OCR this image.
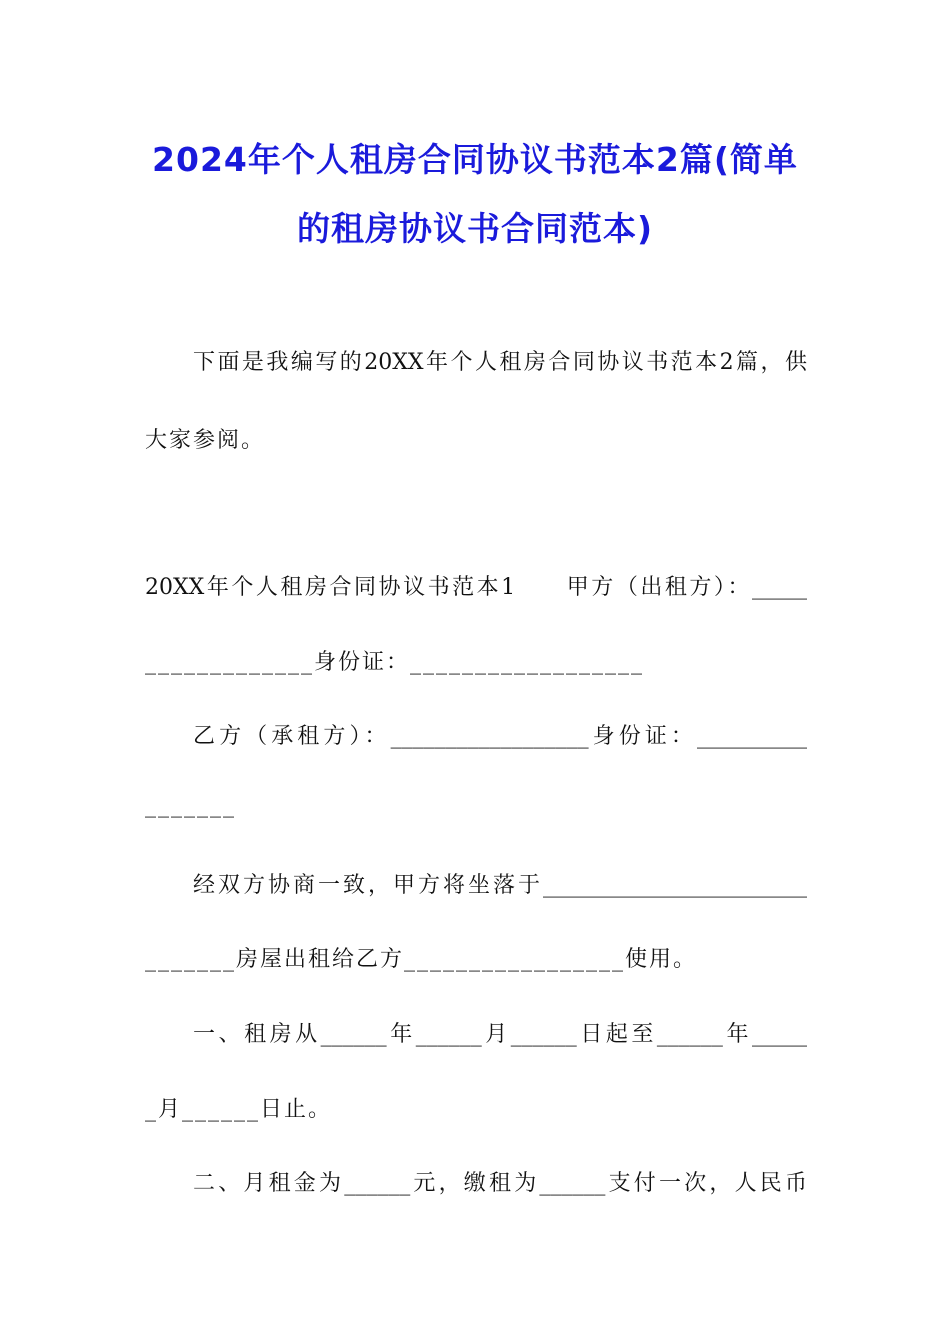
2024年个人租房合同协议书范本2篇(简单
的租房协议书合同范本)
下面是我编写的20XX年个人租房合同协议书范本2篇，供
大家参阅。
20XX年个人租房合同协议书范本1　　甲方（出租方）：_____
_____________身份证：__________________
乙方（承租方）：__________________身份证：__________
_______
经双方协商一致，甲方将坐落于________________________
_______房屋出租给乙方_________________使用。
一、租房从______年______月______日起至______年_____
_月______日止。
二、月租金为______元，缴租为______支付一次，人民币
